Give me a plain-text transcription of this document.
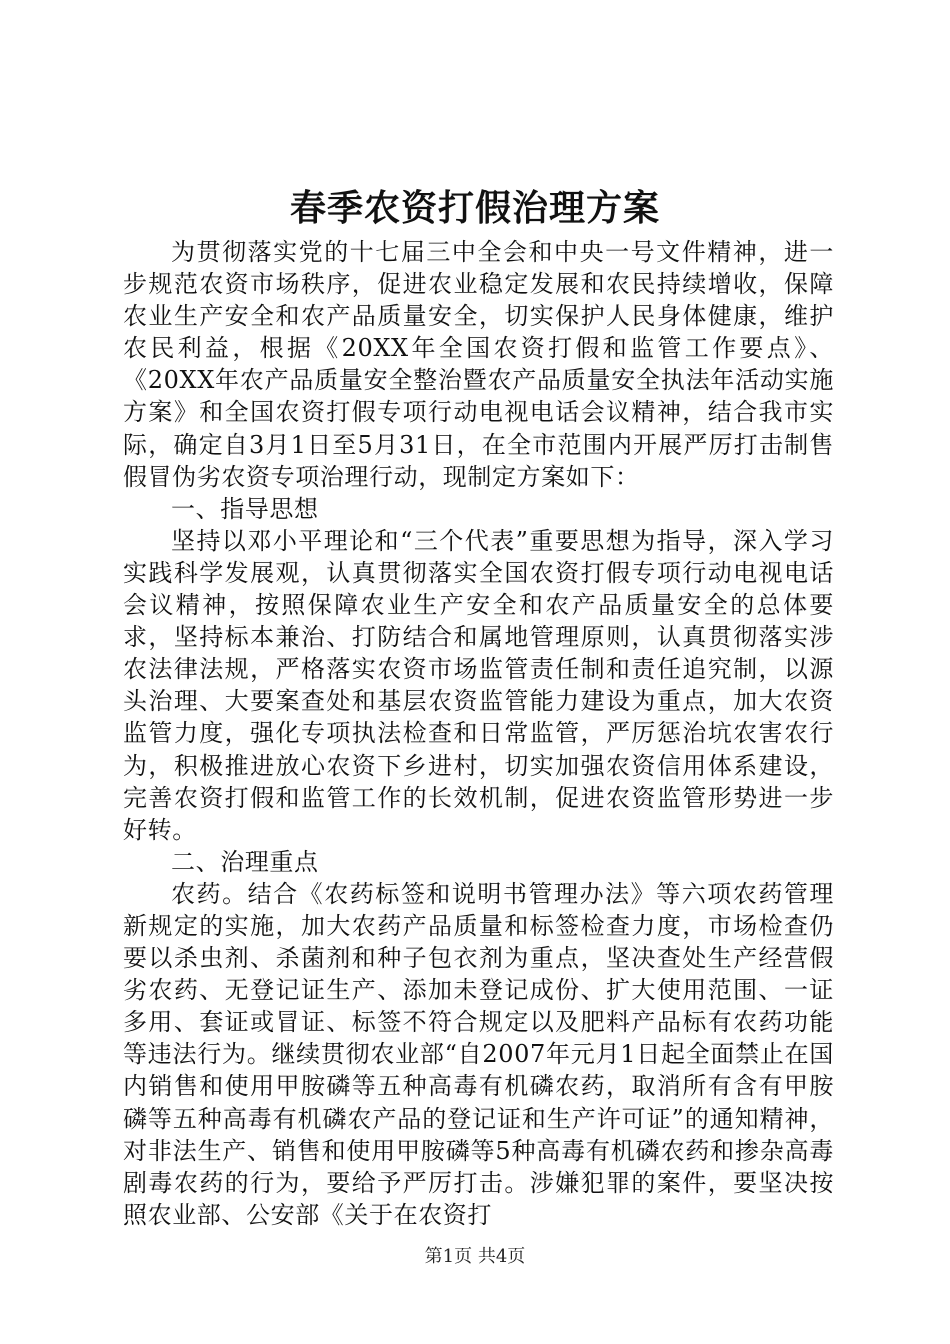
春季农资打假治理方案

为贯彻落实党的十七届三中全会和中央一号文件精神，进一步规范农资市场秩序，促进农业稳定发展和农民持续增收，保障农业生产安全和农产品质量安全，切实保护人民身体健康，维护农民利益，根据《20XX年全国农资打假和监管工作要点》、《20XX年农产品质量安全整治暨农产品质量安全执法年活动实施方案》和全国农资打假专项行动电视电话会议精神，结合我市实际，确定自3月1日至5月31日，在全市范围内开展严厉打击制售假冒伪劣农资专项治理行动，现制定方案如下：

一、指导思想

坚持以邓小平理论和“三个代表”重要思想为指导，深入学习实践科学发展观，认真贯彻落实全国农资打假专项行动电视电话会议精神，按照保障农业生产安全和农产品质量安全的总体要求，坚持标本兼治、打防结合和属地管理原则，认真贯彻落实涉农法律法规，严格落实农资市场监管责任制和责任追究制，以源头治理、大要案查处和基层农资监管能力建设为重点，加大农资监管力度，强化专项执法检查和日常监管，严厉惩治坑农害农行为，积极推进放心农资下乡进村，切实加强农资信用体系建设，完善农资打假和监管工作的长效机制，促进农资监管形势进一步好转。

二、治理重点

农药。结合《农药标签和说明书管理办法》等六项农药管理新规定的实施，加大农药产品质量和标签检查力度，市场检查仍要以杀虫剂、杀菌剂和种子包衣剂为重点，坚决查处生产经营假劣农药、无登记证生产、添加未登记成份、扩大使用范围、一证多用、套证或冒证、标签不符合规定以及肥料产品标有农药功能等违法行为。继续贯彻农业部“自2007年元月1日起全面禁止在国内销售和使用甲胺磷等五种高毒有机磷农药，取消所有含有甲胺磷等五种高毒有机磷农产品的登记证和生产许可证”的通知精神，对非法生产、销售和使用甲胺磷等5种高毒有机磷农药和掺杂高毒剧毒农药的行为，要给予严厉打击。涉嫌犯罪的案件，要坚决按照农业部、公安部《关于在农资打

第1页 共4页
